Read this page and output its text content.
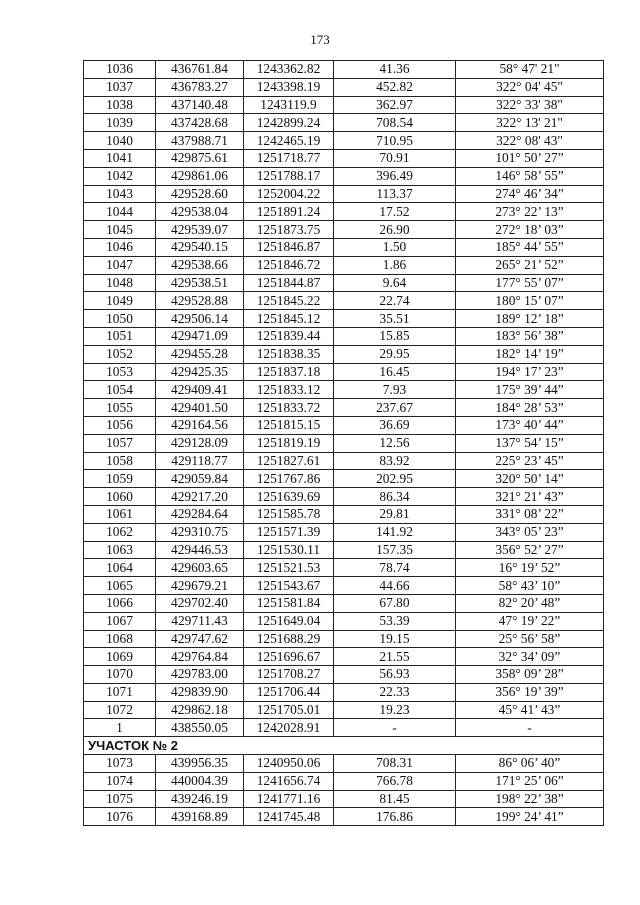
173
1036	436761.84	1243362.82	41.36	58° 47' 21"
1037	436783.27	1243398.19	452.82	322° 04' 45"
1038	437140.48	1243119.9	362.97	322° 33' 38"
1039	437428.68	1242899.24	708.54	322° 13' 21"
1040	437988.71	1242465.19	710.95	322° 08' 43"
1041	429875.61	1251718.77	70.91	101° 50’ 27”
1042	429861.06	1251788.17	396.49	146° 58’ 55”
1043	429528.60	1252004.22	113.37	274° 46’ 34”
1044	429538.04	1251891.24	17.52	273° 22’ 13”
1045	429539.07	1251873.75	26.90	272° 18’ 03”
1046	429540.15	1251846.87	1.50	185° 44’ 55”
1047	429538.66	1251846.72	1.86	265° 21’ 52”
1048	429538.51	1251844.87	9.64	177° 55’ 07”
1049	429528.88	1251845.22	22.74	180° 15’ 07”
1050	429506.14	1251845.12	35.51	189° 12’ 18”
1051	429471.09	1251839.44	15.85	183° 56’ 38”
1052	429455.28	1251838.35	29.95	182° 14’ 19”
1053	429425.35	1251837.18	16.45	194° 17’ 23”
1054	429409.41	1251833.12	7.93	175° 39’ 44”
1055	429401.50	1251833.72	237.67	184° 28’ 53”
1056	429164.56	1251815.15	36.69	173° 40’ 44”
1057	429128.09	1251819.19	12.56	137° 54’ 15”
1058	429118.77	1251827.61	83.92	225° 23’ 45”
1059	429059.84	1251767.86	202.95	320° 50’ 14”
1060	429217.20	1251639.69	86.34	321° 21’ 43”
1061	429284.64	1251585.78	29.81	331° 08’ 22”
1062	429310.75	1251571.39	141.92	343° 05’ 23”
1063	429446.53	1251530.11	157.35	356° 52’ 27”
1064	429603.65	1251521.53	78.74	16° 19’ 52”
1065	429679.21	1251543.67	44.66	58° 43’ 10”
1066	429702.40	1251581.84	67.80	82° 20’ 48”
1067	429711.43	1251649.04	53.39	47° 19’ 22”
1068	429747.62	1251688.29	19.15	25° 56’ 58”
1069	429764.84	1251696.67	21.55	32° 34’ 09”
1070	429783.00	1251708.27	56.93	358° 09’ 28”
1071	429839.90	1251706.44	22.33	356° 19’ 39”
1072	429862.18	1251705.01	19.23	45° 41’ 43”
1	438550.05	1242028.91	-	-
УЧАСТОК № 2				
1073	439956.35	1240950.06	708.31	86° 06’ 40”
1074	440004.39	1241656.74	766.78	171° 25’ 06”
1075	439246.19	1241771.16	81.45	198° 22’ 38”
1076	439168.89	1241745.48	176.86	199° 24’ 41”
